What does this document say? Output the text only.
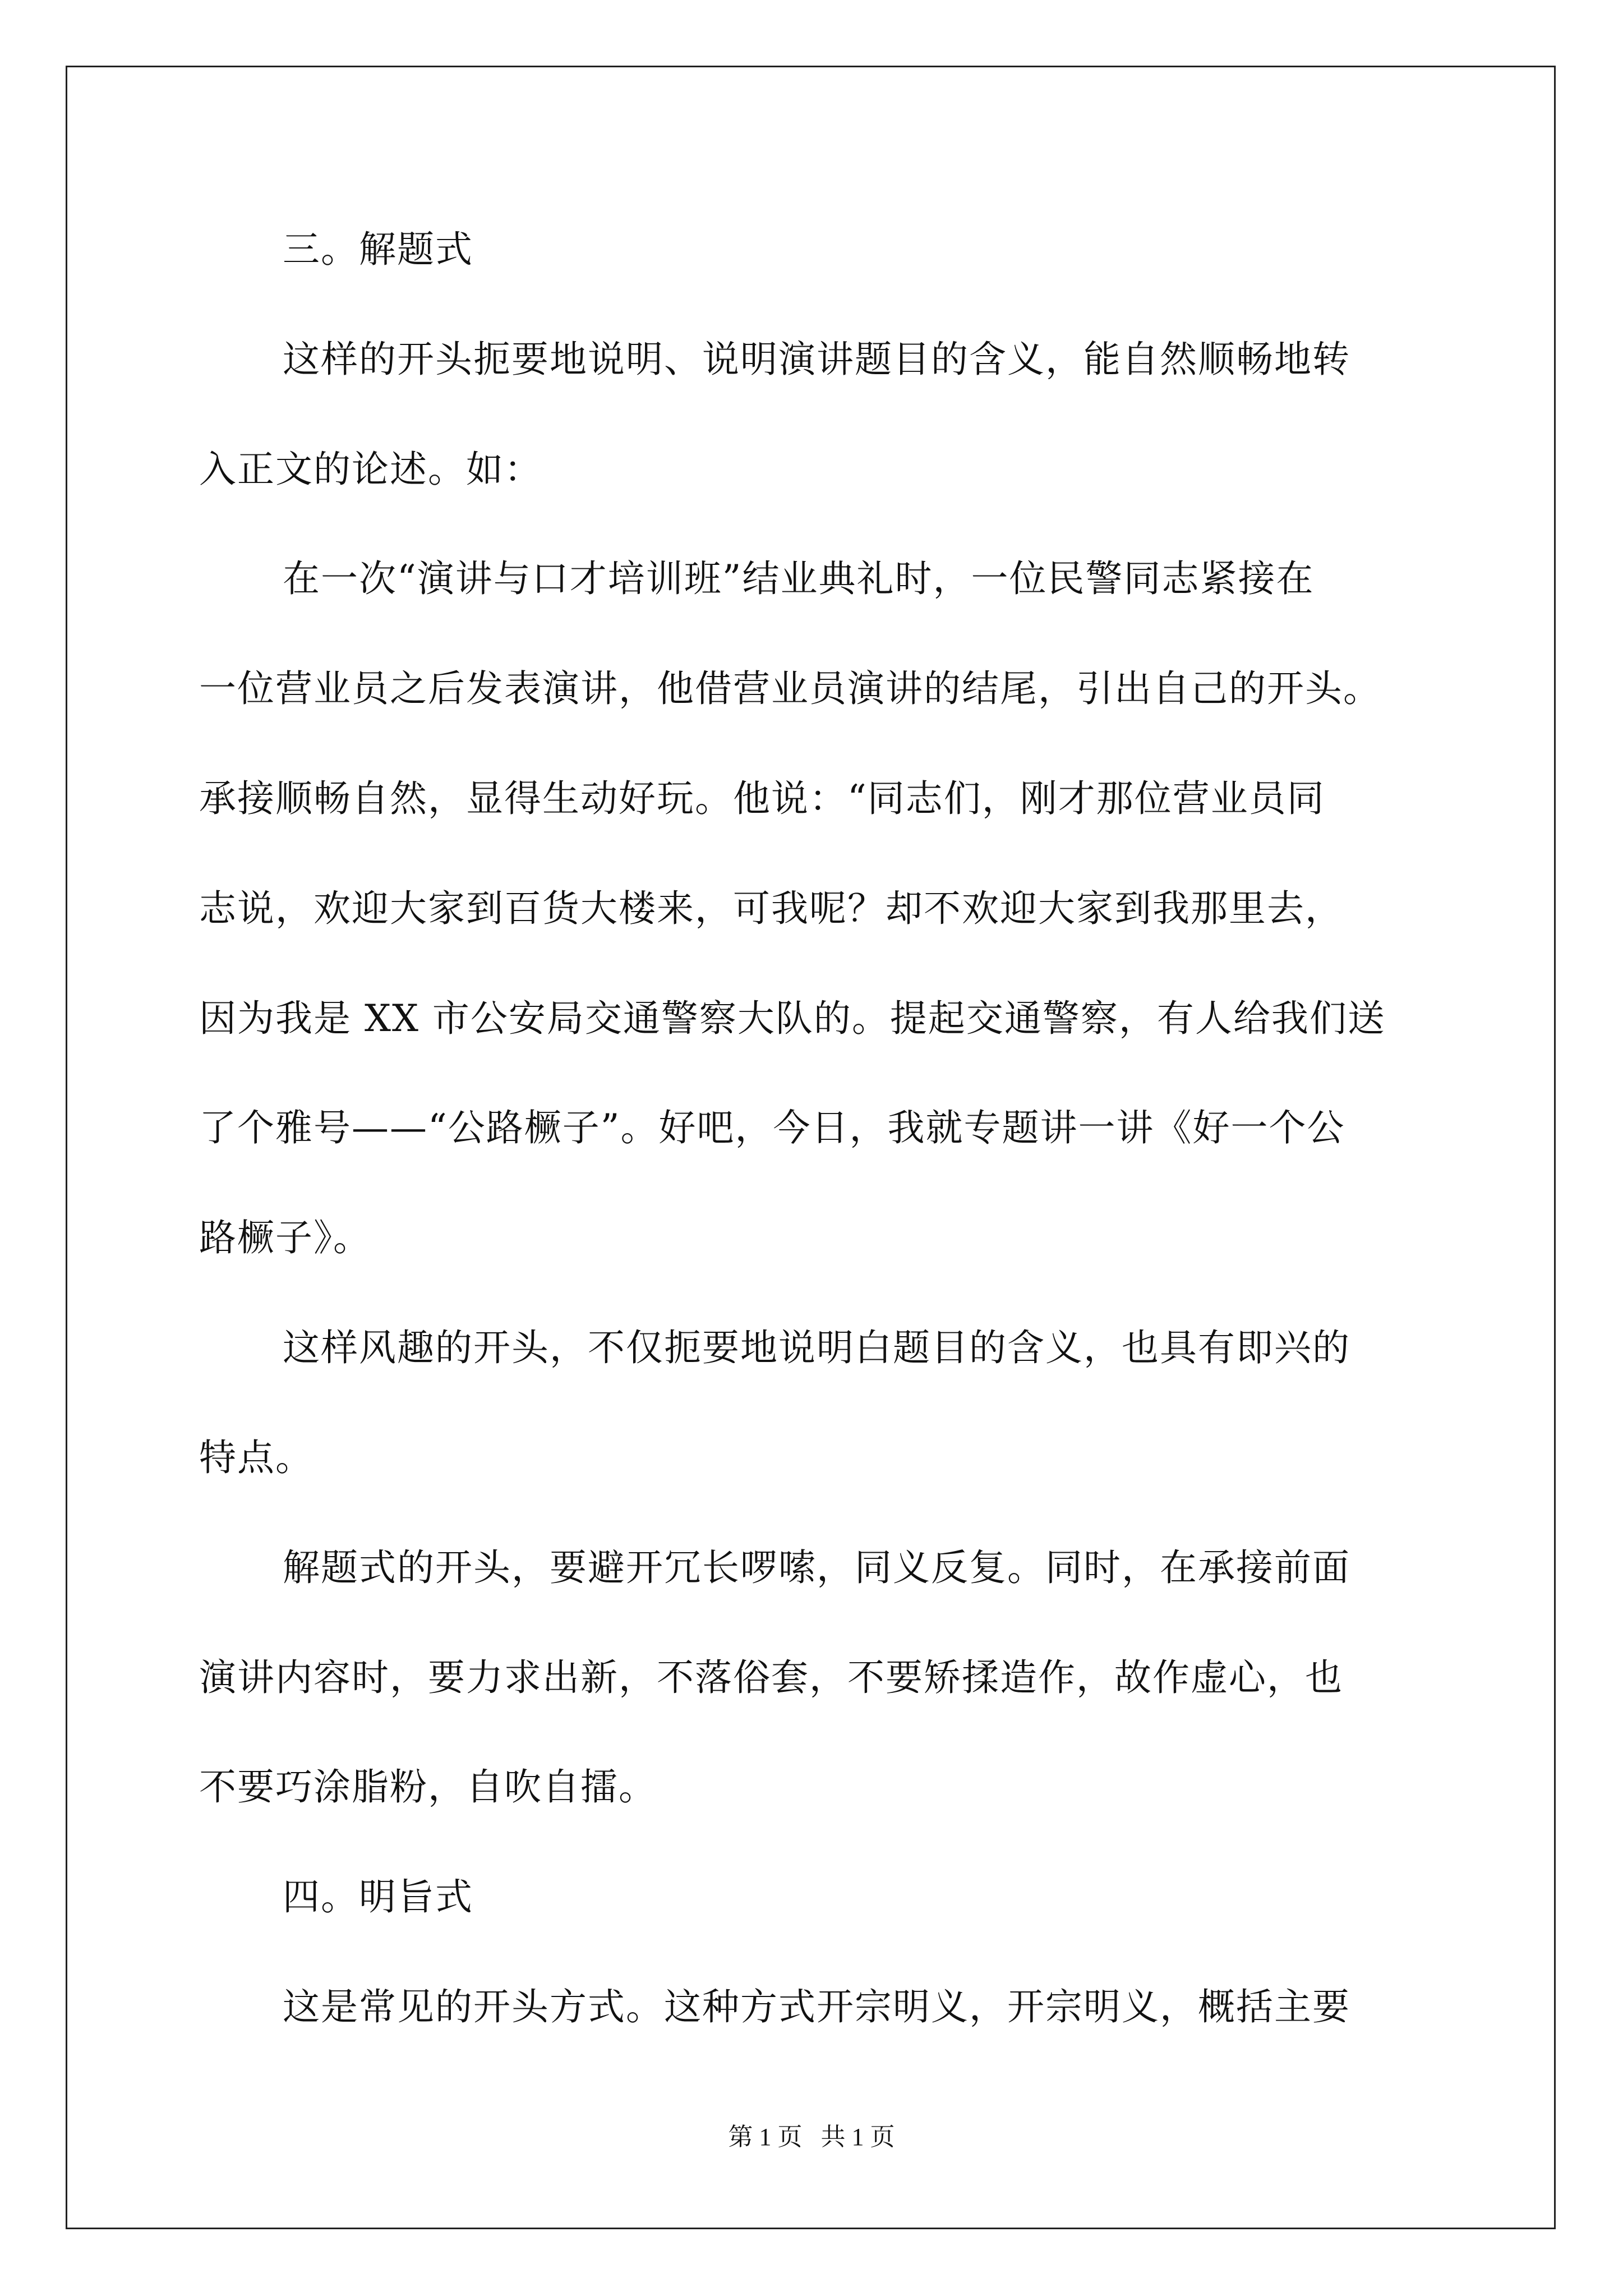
三。解题式
这样的开头扼要地说明、说明演讲题目的含义，能自然顺畅地转
入正文的论述。如：
在一次“演讲与口才培训班”结业典礼时，一位民警同志紧接在
一位营业员之后发表演讲，他借营业员演讲的结尾，引出自己的开头。
承接顺畅自然，显得生动好玩。他说：“同志们，刚才那位营业员同
志说，欢迎大家到百货大楼来，可我呢？却不欢迎大家到我那里去，
因为我是 XX 市公安局交通警察大队的。提起交通警察，有人给我们送
了个雅号——“公路橛子”。好吧，今日，我就专题讲一讲《好一个公
路橛子》。
这样风趣的开头，不仅扼要地说明白题目的含义，也具有即兴的
特点。
解题式的开头，要避开冗长啰嗦，同义反复。同时，在承接前面
演讲内容时，要力求出新，不落俗套，不要矫揉造作，故作虚心，也
不要巧涂脂粉，自吹自擂。
四。明旨式
这是常见的开头方式。这种方式开宗明义，开宗明义，概括主要
第 1 页 共 1 页
